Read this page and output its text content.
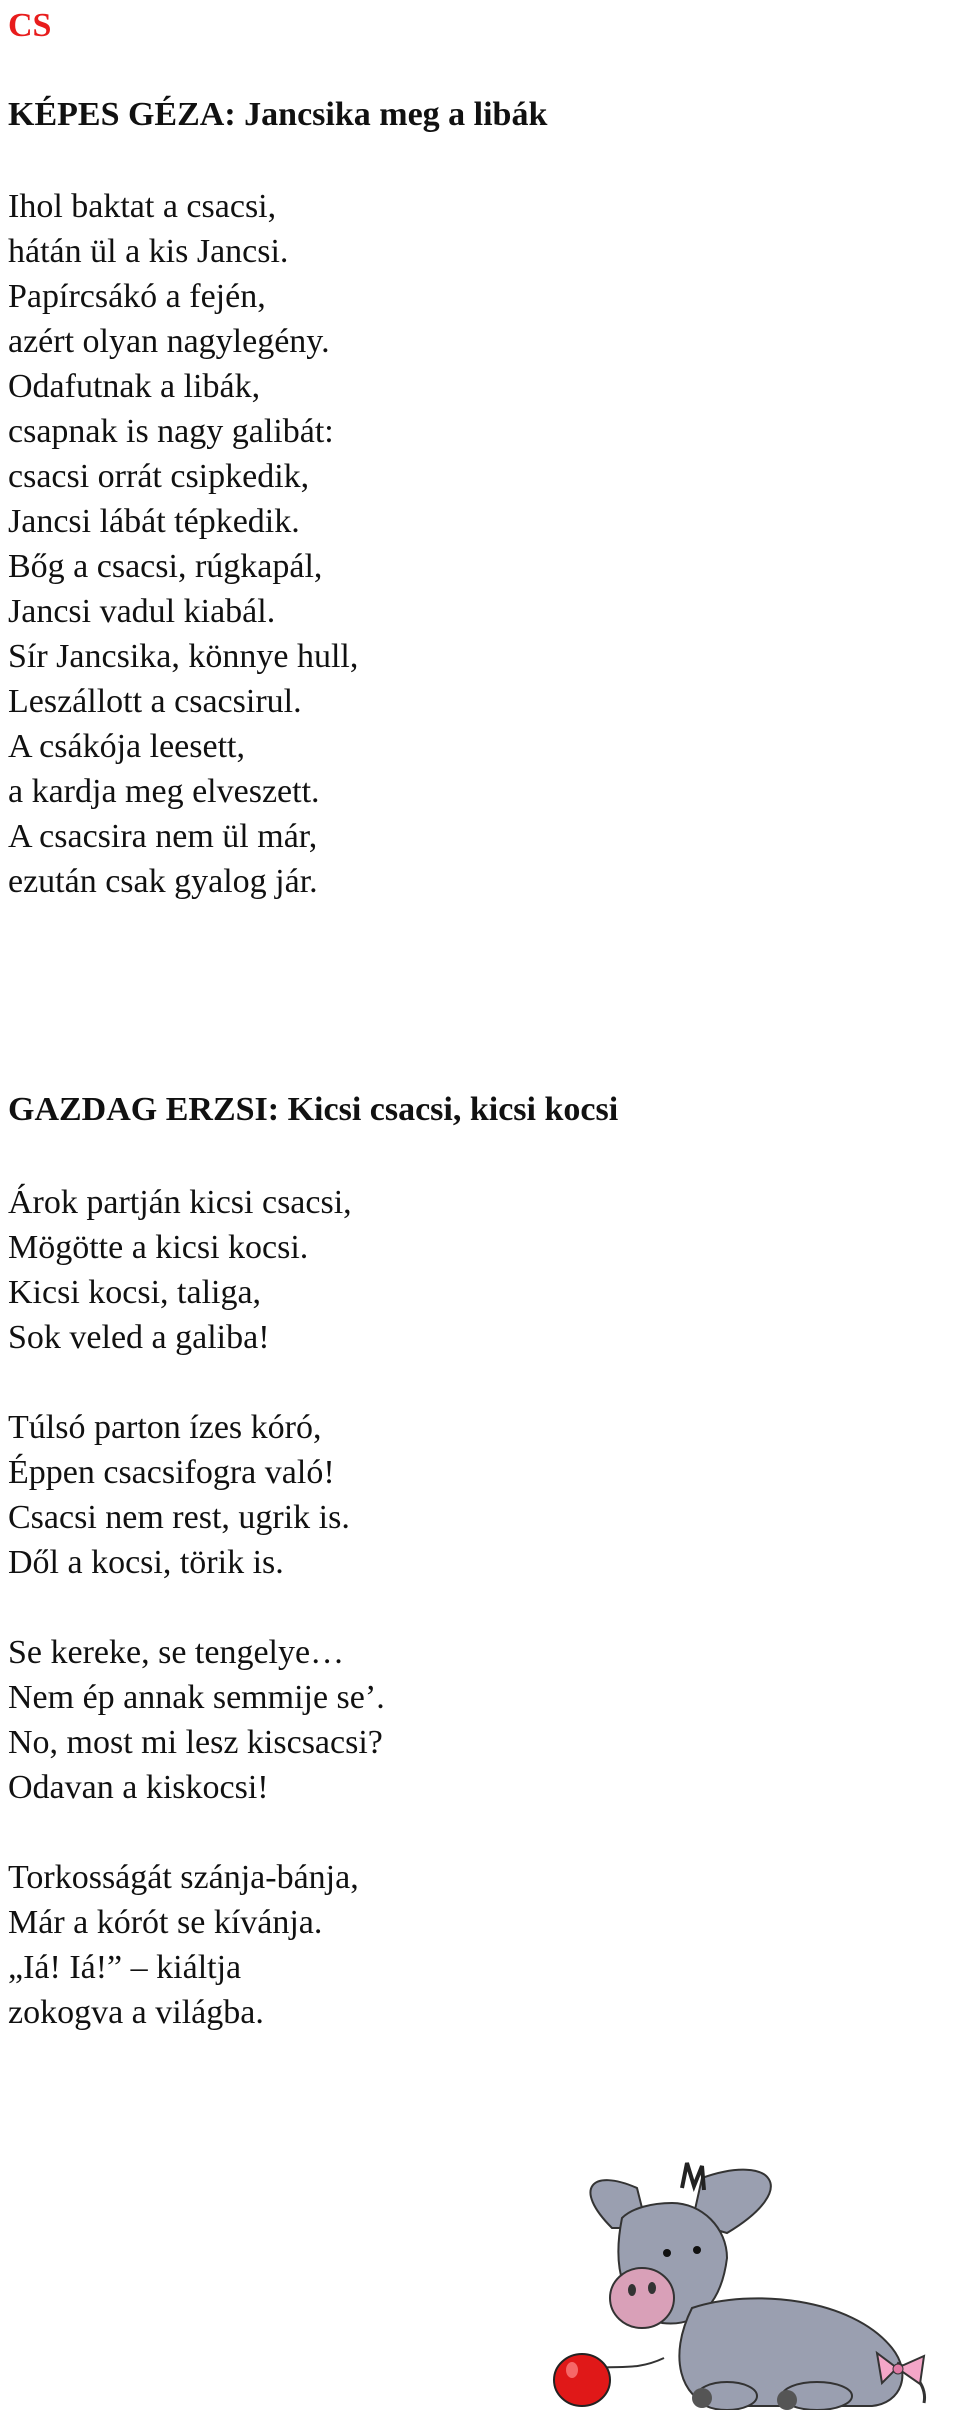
CS
KÉPES GÉZA: Jancsika meg a libák
Ihol baktat a csacsi,
hátán ül a kis Jancsi.
Papírcsákó a fején,
azért olyan nagylegény.
Odafutnak a libák,
csapnak is nagy galibát:
csacsi orrát csipkedik,
Jancsi lábát tépkedik.
Bőg a csacsi, rúgkapál,
Jancsi vadul kiabál.
Sír Jancsika, könnye hull,
Leszállott a csacsirul.
A csákója leesett,
a kardja meg elveszett.
A csacsira nem ül már,
ezután csak gyalog jár.
GAZDAG ERZSI: Kicsi csacsi, kicsi kocsi
Árok partján kicsi csacsi,
Mögötte a kicsi kocsi.
Kicsi kocsi, taliga,
Sok veled a galiba!
Túlsó parton ízes kóró,
Éppen csacsifogra való!
Csacsi nem rest, ugrik is.
Dől a kocsi, törik is.
Se kereke, se tengelye…
Nem ép annak semmije se’.
No, most mi lesz kiscsacsi?
Odavan a kiskocsi!
Torkosságát szánja-bánja,
Már a kórót se kívánja.
„Iá! Iá!” – kiáltja
zokogva a világba.
